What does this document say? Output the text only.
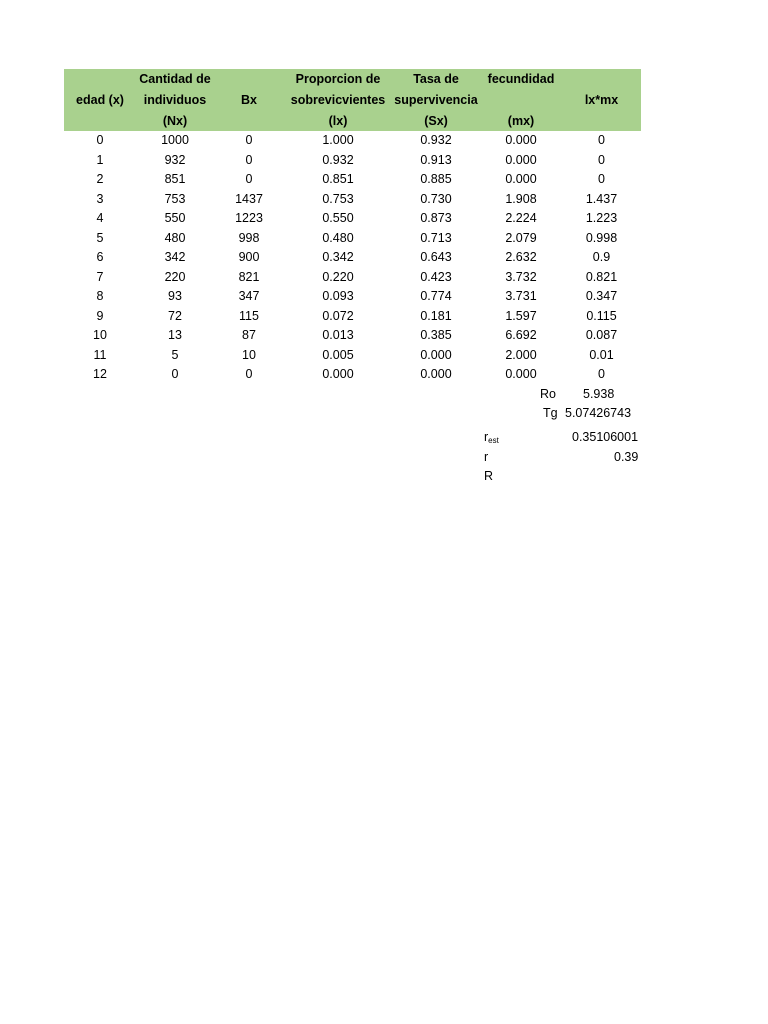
	Cantidad de		Proporcion de	Tasa de	fecundidad	
edad (x)	individuos	Bx	sobrevicvientes	supervivencia		lx*mx
	(Nx)		(lx)	(Sx)	(mx)	
0	1000	0	1.000	0.932	0.000	0
1	932	0	0.932	0.913	0.000	0
2	851	0	0.851	0.885	0.000	0
3	753	1437	0.753	0.730	1.908	1.437
4	550	1223	0.550	0.873	2.224	1.223
5	480	998	0.480	0.713	2.079	0.998
6	342	900	0.342	0.643	2.632	0.9
7	220	821	0.220	0.423	3.732	0.821
8	93	347	0.093	0.774	3.731	0.347
9	72	115	0.072	0.181	1.597	0.115
10	13	87	0.013	0.385	6.692	0.087
11	5	10	0.005	0.000	2.000	0.01
12	0	0	0.000	0.000	0.000	0
Ro 5.938
Tg 5.07426743
$r_{est}$	0.35106001
r	0.39
R
